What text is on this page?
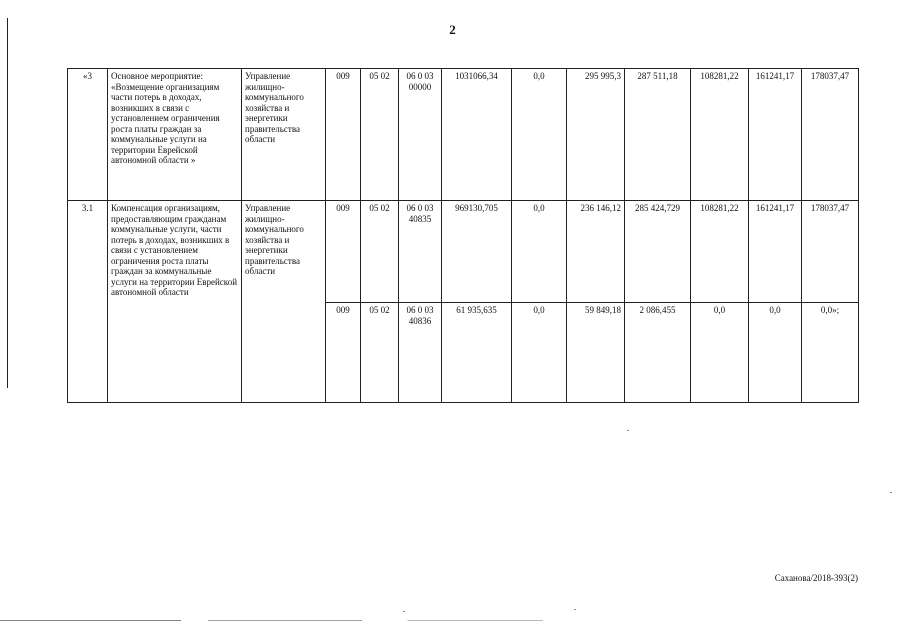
2
«3	Основное мероприятие: «Возмещение организациям части потерь в доходах, возникших в связи с установлением ограничения роста платы граждан за коммунальные услуги на территории Еврейской автономной области »	Управление жилищно-коммунального хозяйства и энергетики правительства области	009	05 02	06 0 03 00000	1031066,34	0,0	295 995,3	287 511,18	108281,22	161241,17	178037,47
3.1	Компенсация организациям, предоставляющим гражданам коммунальные услуги, части потерь в доходах, возникших в связи с установлением ограничения роста платы граждан за коммунальные услуги на территории Еврейской автономной области	Управление жилищно-коммунального хозяйства и энергетики правительства области	009	05 02	06 0 03 40835	969130,705	0,0	236 146,12	285 424,729	108281,22	161241,17	178037,47
			009	05 02	06 0 03 40836	61 935,635	0,0	59 849,18	2 086,455	0,0	0,0	0,0»;
Саханова/2018-393(2)
